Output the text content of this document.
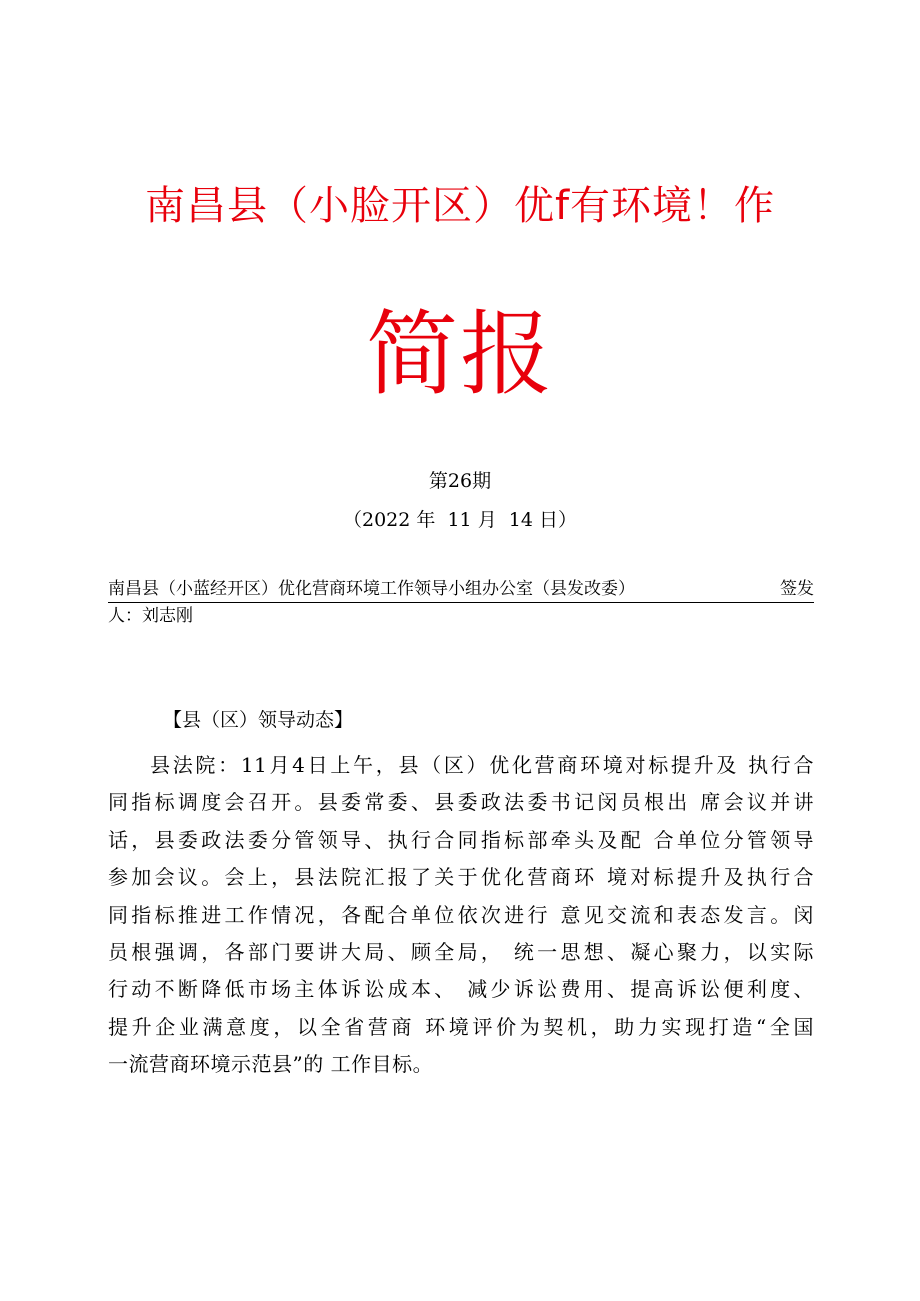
南昌县（小脸开区）优f有环境！作
简报
第26期
（2022 年  11 月  14 日）
南昌县（小蓝经开区）优化营商环境工作领导小组办公室（县发改委）	签发
人：刘志刚
【县（区）领导动态】
县法院：11月4日上午，县（区）优化营商环境对标提升及 执行合
同指标调度会召开。县委常委、县委政法委书记闵员根出 席会议并讲
话，县委政法委分管领导、执行合同指标部牵头及配 合单位分管领导
参加会议。会上，县法院汇报了关于优化营商环 境对标提升及执行合
同指标推进工作情况，各配合单位依次进行 意见交流和表态发言。闵
员根强调，各部门要讲大局、顾全局， 统一思想、凝心聚力，以实际
行动不断降低市场主体诉讼成本、 减少诉讼费用、提高诉讼便利度、
提升企业满意度，以全省营商 环境评价为契机，助力实现打造“全国
一流营商环境示范县”的 工作目标。
